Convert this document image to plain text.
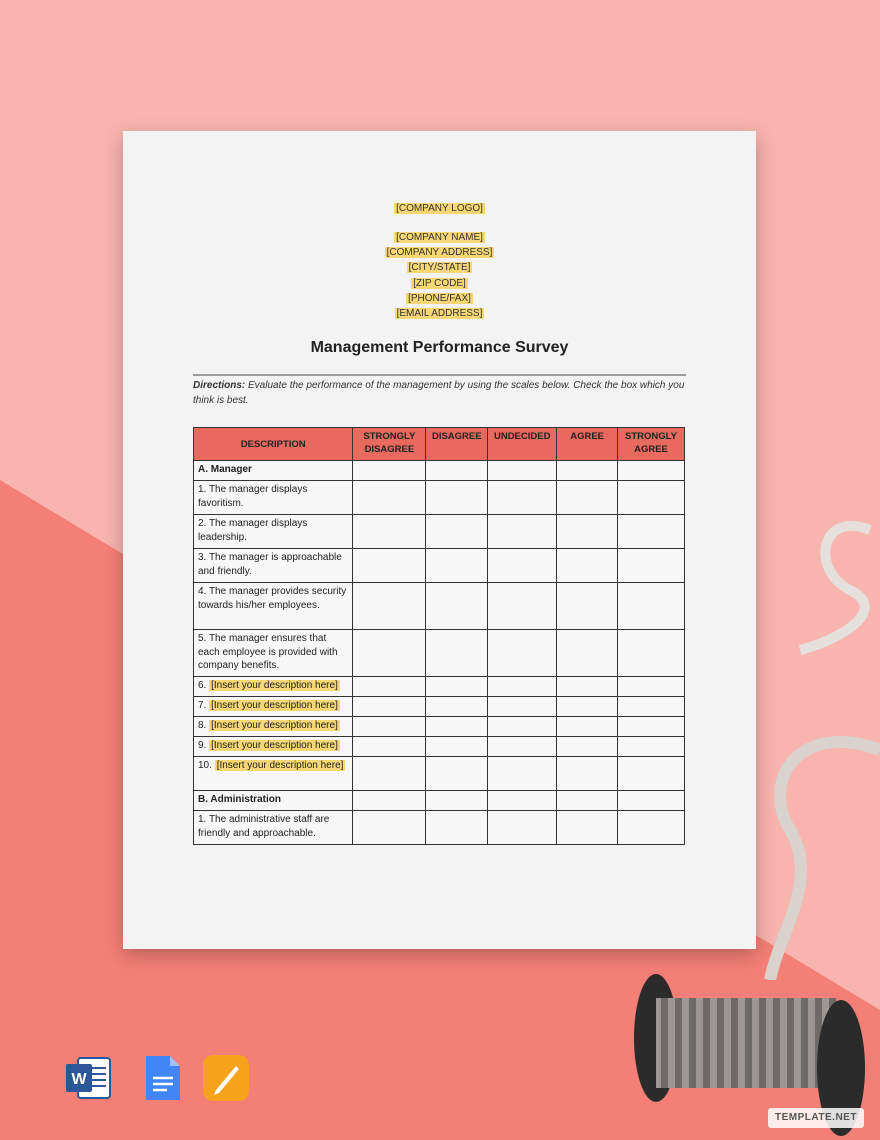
[COMPANY LOGO]
[COMPANY NAME]
[COMPANY ADDRESS]
[CITY/STATE]
[ZIP CODE]
[PHONE/FAX]
[EMAIL ADDRESS]
Management Performance Survey
Directions: Evaluate the performance of the management by using the scales below. Check the box which you think is best.
DESCRIPTION	STRONGLY DISAGREE	DISAGREE	UNDECIDED	AGREE	STRONGLY AGREE
A. Manager					
1. The manager displays favoritism.					
2. The manager displays leadership.					
3. The manager is approachable and friendly.					
4. The manager provides security towards his/her employees.					
5. The manager ensures that each employee is provided with company benefits.					
6. [Insert your description here]					
7. [Insert your description here]					
8. [Insert your description here]					
9. [Insert your description here]					
10. [Insert your description here]					
B. Administration					
1. The administrative staff are friendly and approachable.					
W
TEMPLATE.NET
